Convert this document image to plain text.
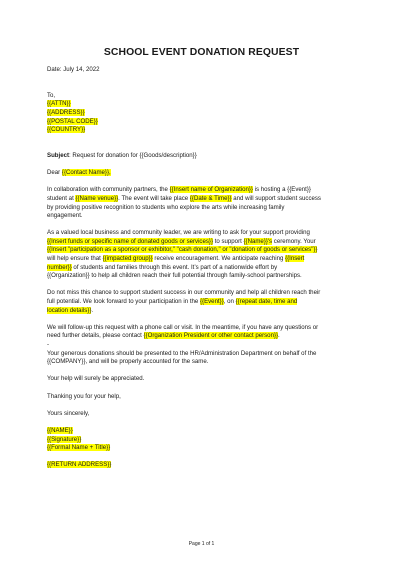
SCHOOL EVENT DONATION REQUEST

Date: July 14, 2022

To,

{{ATTN}}

{{ADDRESS}}

{{POSTAL CODE}}

{{COUNTRY}}

Subject: Request for donation for {{Goods/description}}

Dear {{Contact Name}},

In collaboration with community partners, the {{Insert name of Organization}} is hosting a {{Event}}
student at {{Name venue}}. The event will take place {{Date & Time}} and will support student success
by providing positive recognition to students who explore the arts while increasing family
engagement.

As a valued local business and community leader, we are writing to ask for your support providing
{{Insert funds or specific name of donated goods or services}} to support {{Name}}'s ceremony. Your
{{Insert "participation as a sponsor or exhibitor," "cash donation," or "donation of goods or services"}}
will help ensure that {{impacted group}} receive encouragement. We anticipate reaching {{Insert
number}} of students and families through this event. It’s part of a nationwide effort by
{{Organization}} to help all children reach their full potential through family-school partnerships.

Do not miss this chance to support student success in our community and help all children reach their
full potential. We look forward to your participation in the {{Event}}, on {{repeat date, time and
location details}}.

We will follow-up this request with a phone call or visit. In the meantime, if you have any questions or
need further details, please contact {{Organization President or other contact person}}.

-

Your generous donations should be presented to the HR/Administration Department on behalf of the
{{COMPANY}}, and will be properly accounted for the same.

Your help will surely be appreciated.

Thanking you for your help,

Yours sincerely,

{{NAME}}

{{Signature}}

{{Formal Name + Title}}

{{RETURN ADDRESS}}

Page 1 of 1
